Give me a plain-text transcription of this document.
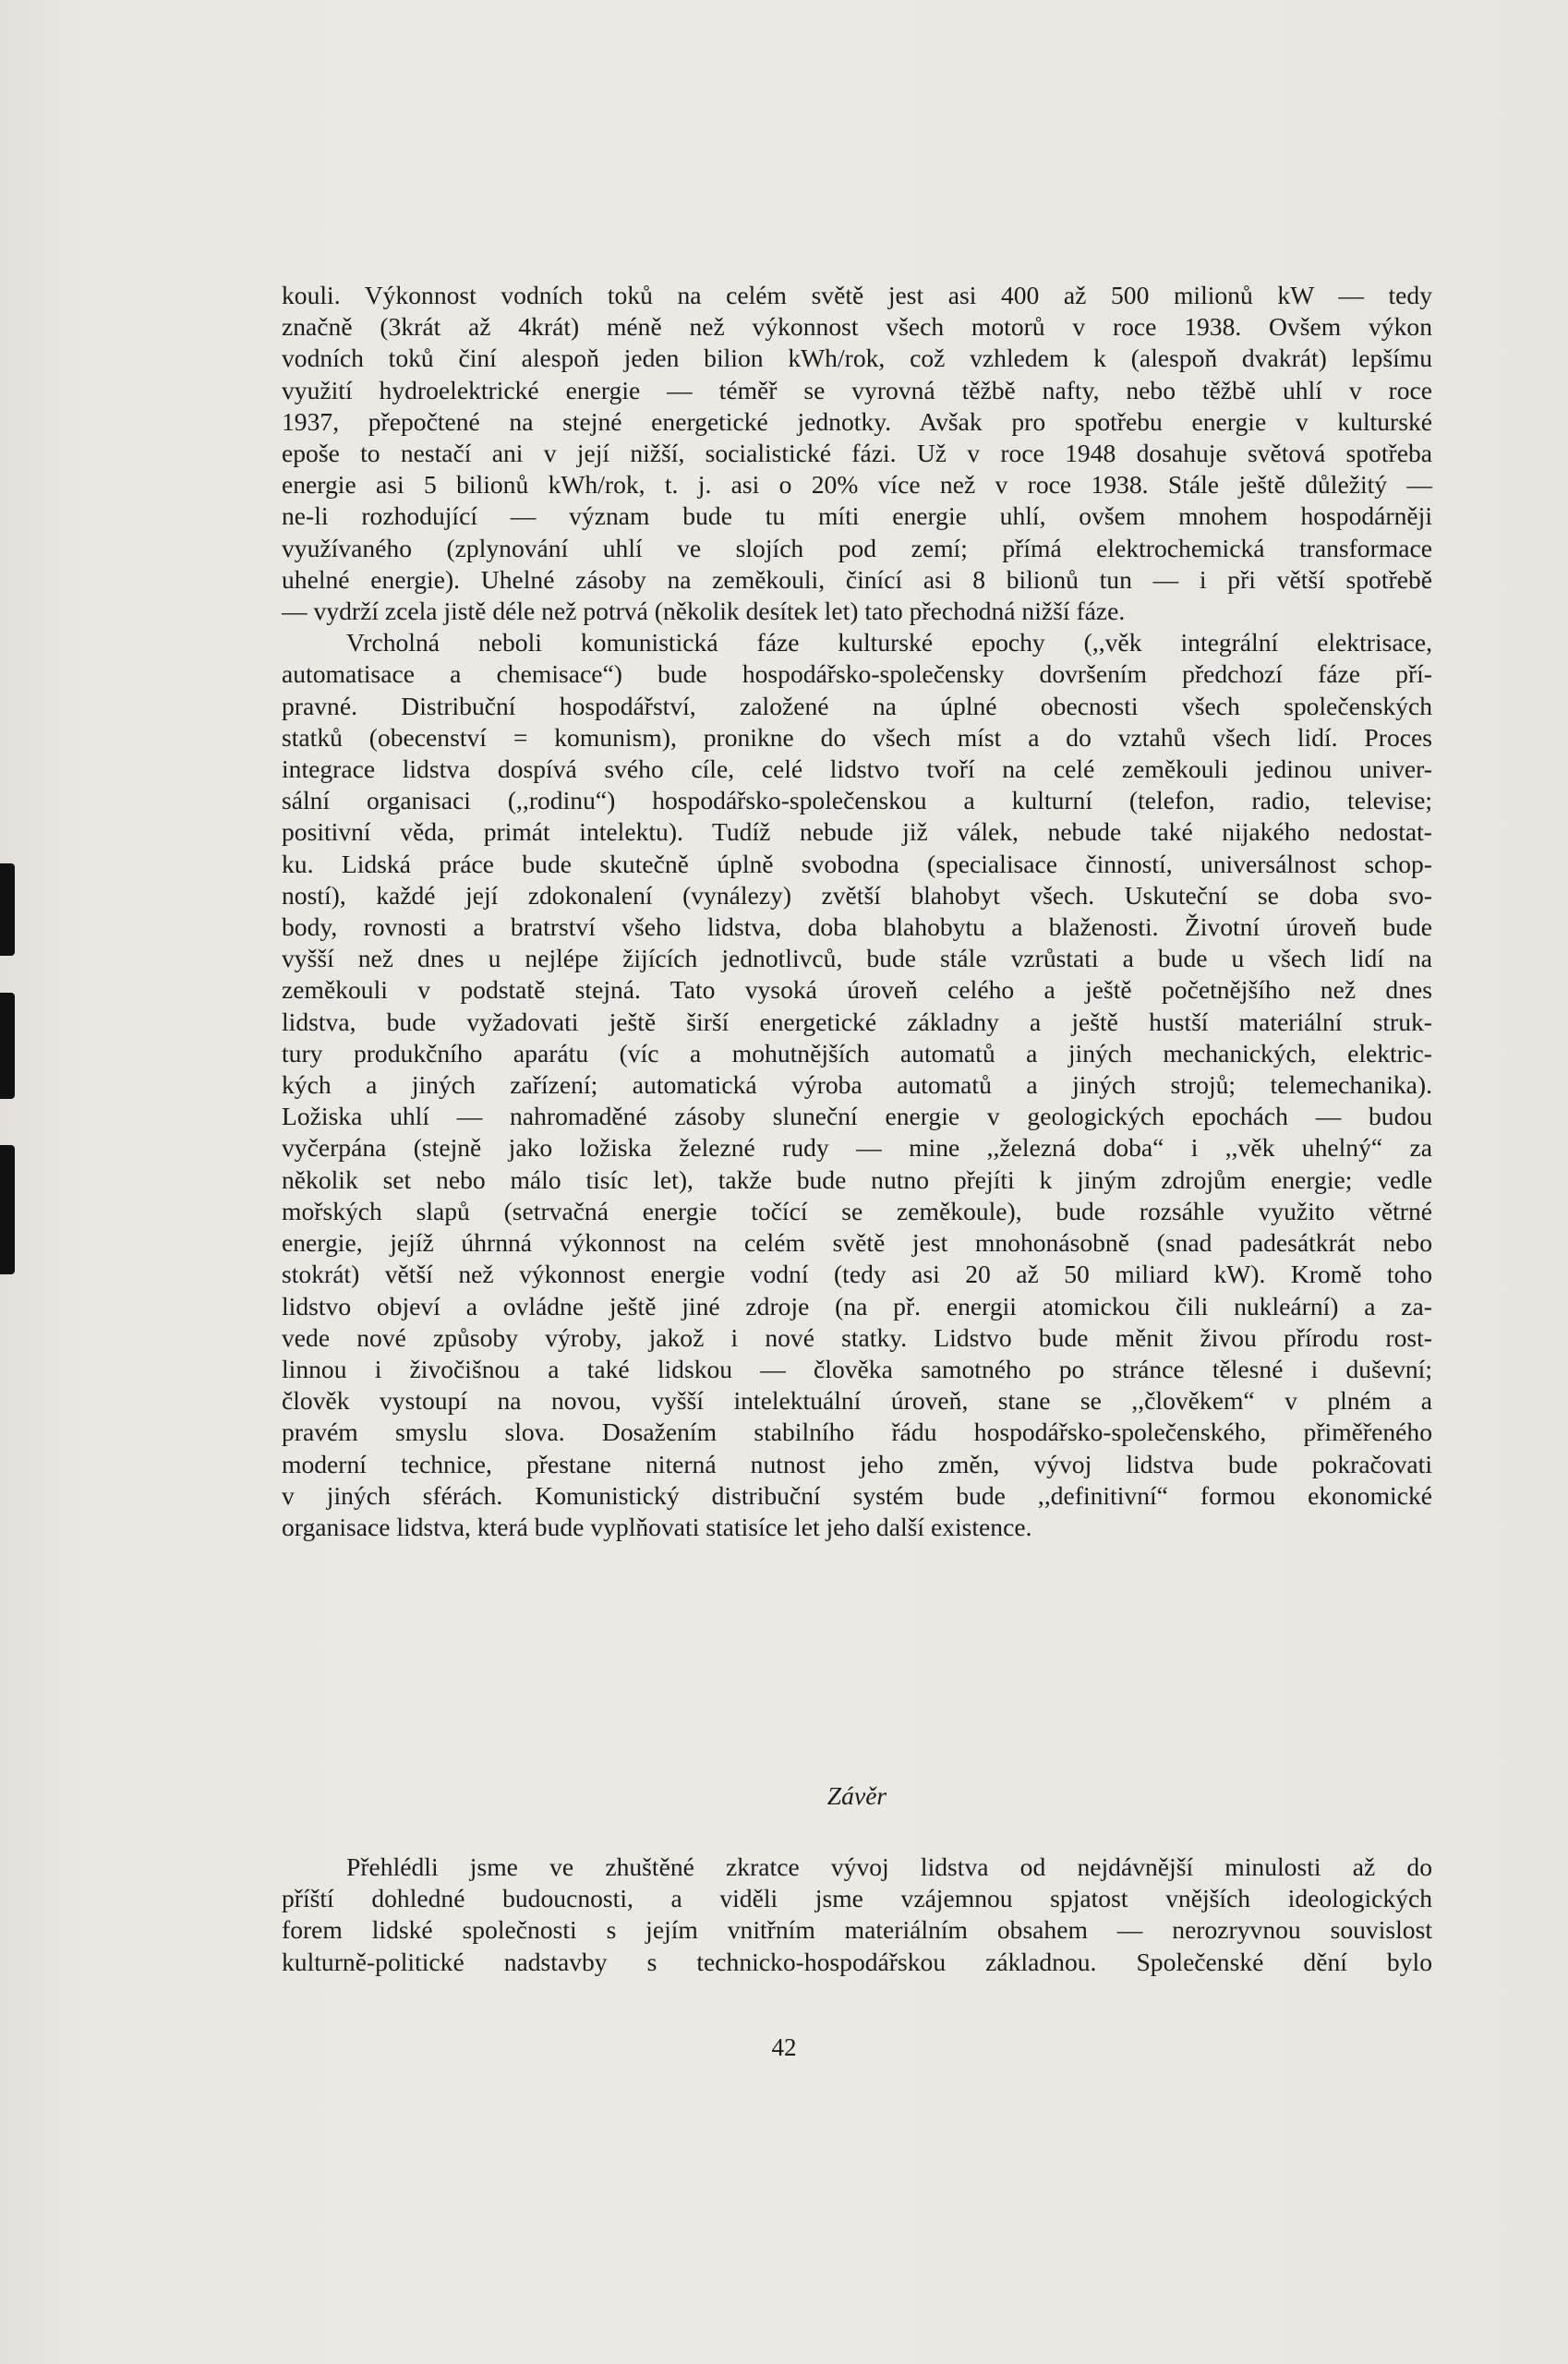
kouli. Výkonnost vodních toků na celém světě jest asi 400 až 500 milionů kW — tedy
značně (3krát až 4krát) méně než výkonnost všech motorů v roce 1938. Ovšem výkon
vodních toků činí alespoň jeden bilion kWh/rok, což vzhledem k (alespoň dvakrát) lepšímu
využití hydroelektrické energie — téměř se vyrovná těžbě nafty, nebo těžbě uhlí v roce
1937, přepočtené na stejné energetické jednotky. Avšak pro spotřebu energie v kulturské
epoše to nestačí ani v její nižší, socialistické fázi. Už v roce 1948 dosahuje světová spotřeba
energie asi 5 bilionů kWh/rok, t. j. asi o 20% více než v roce 1938. Stále ještě důležitý —
ne-li rozhodující — význam bude tu míti energie uhlí, ovšem mnohem hospodárněji
využívaného (zplynování uhlí ve slojích pod zemí; přímá elektrochemická transformace
uhelné energie). Uhelné zásoby na zeměkouli, činící asi 8 bilionů tun — i při větší spotřebě
— vydrží zcela jistě déle než potrvá (několik desítek let) tato přechodná nižší fáze.
Vrcholná neboli komunistická fáze kulturské epochy (,,věk integrální elektrisace,
automatisace a chemisace“) bude hospodářsko-společensky dovršením předchozí fáze pří-
pravné. Distribuční hospodářství, založené na úplné obecnosti všech společenských
statků (obecenství = komunism), pronikne do všech míst a do vztahů všech lidí. Proces
integrace lidstva dospívá svého cíle, celé lidstvo tvoří na celé zeměkouli jedinou univer-
sální organisaci (,,rodinu“) hospodářsko-společenskou a kulturní (telefon, radio, televise;
positivní věda, primát intelektu). Tudíž nebude již válek, nebude také nijakého nedostat-
ku. Lidská práce bude skutečně úplně svobodna (specialisace činností, universálnost schop-
ností), každé její zdokonalení (vynálezy) zvětší blahobyt všech. Uskuteční se doba svo-
body, rovnosti a bratrství všeho lidstva, doba blahobytu a blaženosti. Životní úroveň bude
vyšší než dnes u nejlépe žijících jednotlivců, bude stále vzrůstati a bude u všech lidí na
zeměkouli v podstatě stejná. Tato vysoká úroveň celého a ještě početnějšího než dnes
lidstva, bude vyžadovati ještě širší energetické základny a ještě hustší materiální struk-
tury produkčního aparátu (víc a mohutnějších automatů a jiných mechanických, elektric-
kých a jiných zařízení; automatická výroba automatů a jiných strojů; telemechanika).
Ložiska uhlí — nahromaděné zásoby sluneční energie v geologických epochách — budou
vyčerpána (stejně jako ložiska železné rudy — mine ,,železná doba“ i ,,věk uhelný“ za
několik set nebo málo tisíc let), takže bude nutno přejíti k jiným zdrojům energie; vedle
mořských slapů (setrvačná energie točící se zeměkoule), bude rozsáhle využito větrné
energie, jejíž úhrnná výkonnost na celém světě jest mnohonásobně (snad padesátkrát nebo
stokrát) větší než výkonnost energie vodní (tedy asi 20 až 50 miliard kW). Kromě toho
lidstvo objeví a ovládne ještě jiné zdroje (na př. energii atomickou čili nukleární) a za-
vede nové způsoby výroby, jakož i nové statky. Lidstvo bude měnit živou přírodu rost-
linnou i živočišnou a také lidskou — člověka samotného po stránce tělesné i duševní;
člověk vystoupí na novou, vyšší intelektuální úroveň, stane se ,,člověkem“ v plném a
pravém smyslu slova. Dosažením stabilního řádu hospodářsko-společenského, přiměřeného
moderní technice, přestane niterná nutnost jeho změn, vývoj lidstva bude pokračovati
v jiných sférách. Komunistický distribuční systém bude ,,definitivní“ formou ekonomické
organisace lidstva, která bude vyplňovati statisíce let jeho další existence.
Závěr
Přehlédli jsme ve zhuštěné zkratce vývoj lidstva od nejdávnější minulosti až do
příští dohledné budoucnosti, a viděli jsme vzájemnou spjatost vnějších ideologických
forem lidské společnosti s jejím vnitřním materiálním obsahem — nerozryvnou souvislost
kulturně-politické nadstavby s technicko-hospodářskou základnou. Společenské dění bylo
42
